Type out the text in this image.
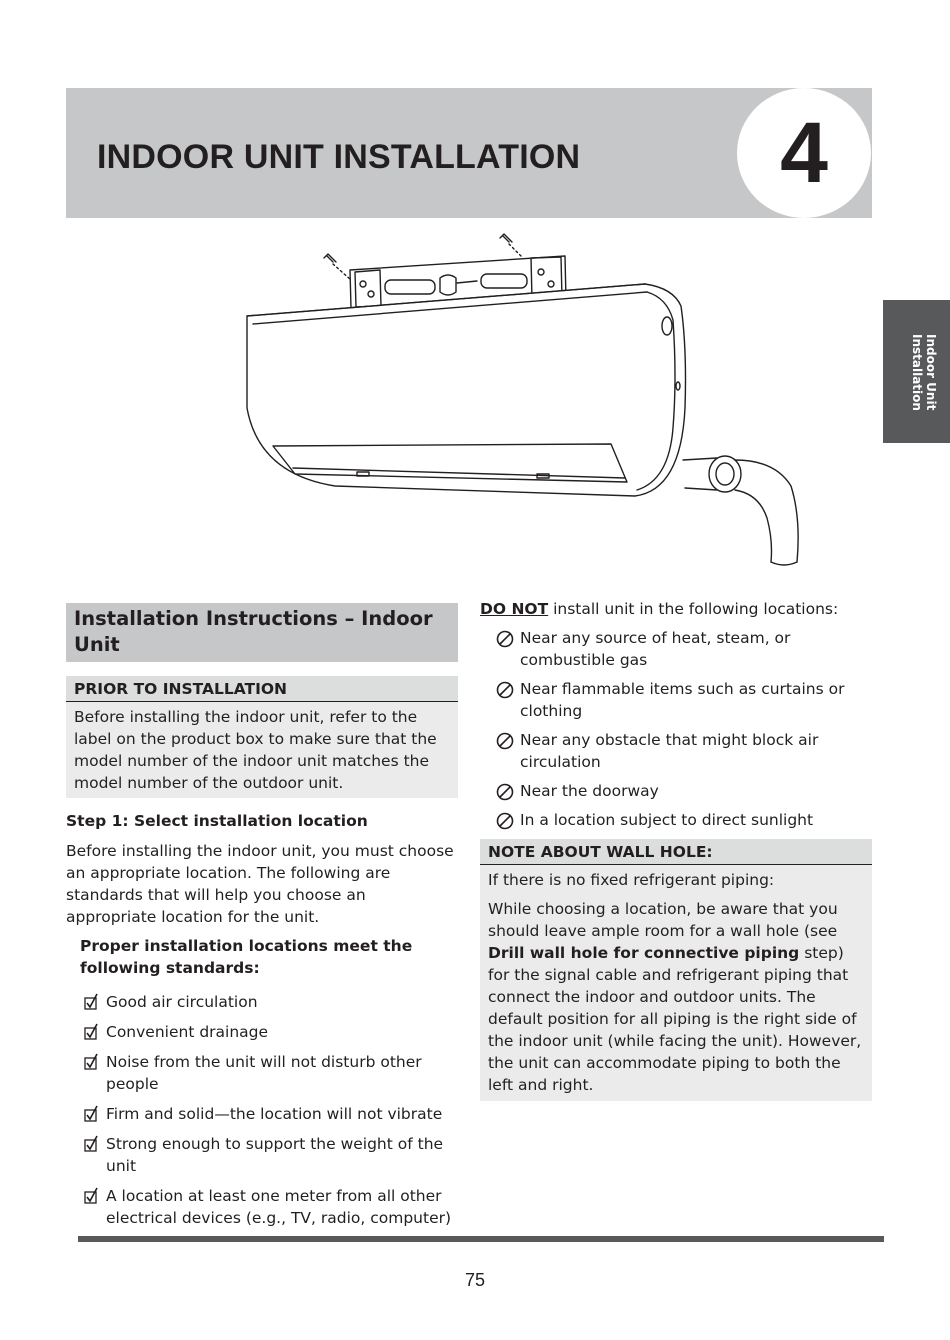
INDOOR UNIT INSTALLATION	4
Indoor Unit
Installation
Installation Instructions – Indoor Unit
PRIOR TO INSTALLATION

Before installing the indoor unit, refer to the label on the product box to make sure that the model number of the indoor unit matches the model number of the outdoor unit.

Step 1: Select installation location

Before installing the indoor unit, you must choose an appropriate location. The following are standards that will help you choose an appropriate location for the unit.

Proper installation locations meet the following standards:

Good air circulation
Convenient drainage
Noise from the unit will not disturb other people
Firm and solid—the location will not vibrate
Strong enough to support the weight of the unit
A location at least one meter from all other electrical devices (e.g., TV, radio, computer)

DO NOT install unit in the following locations:

Near any source of heat, steam, or combustible gas
Near flammable items such as curtains or clothing
Near any obstacle that might block air circulation
Near the doorway
In a location subject to direct sunlight
NOTE ABOUT WALL HOLE:

If there is no fixed refrigerant piping:

While choosing a location, be aware that you should leave ample room for a wall hole (see Drill wall hole for connective piping step) for the signal cable and refrigerant piping that connect the indoor and outdoor units. The default position for all piping is the right side of the indoor unit (while facing the unit). However, the unit can accommodate piping to both the left and right.

75
